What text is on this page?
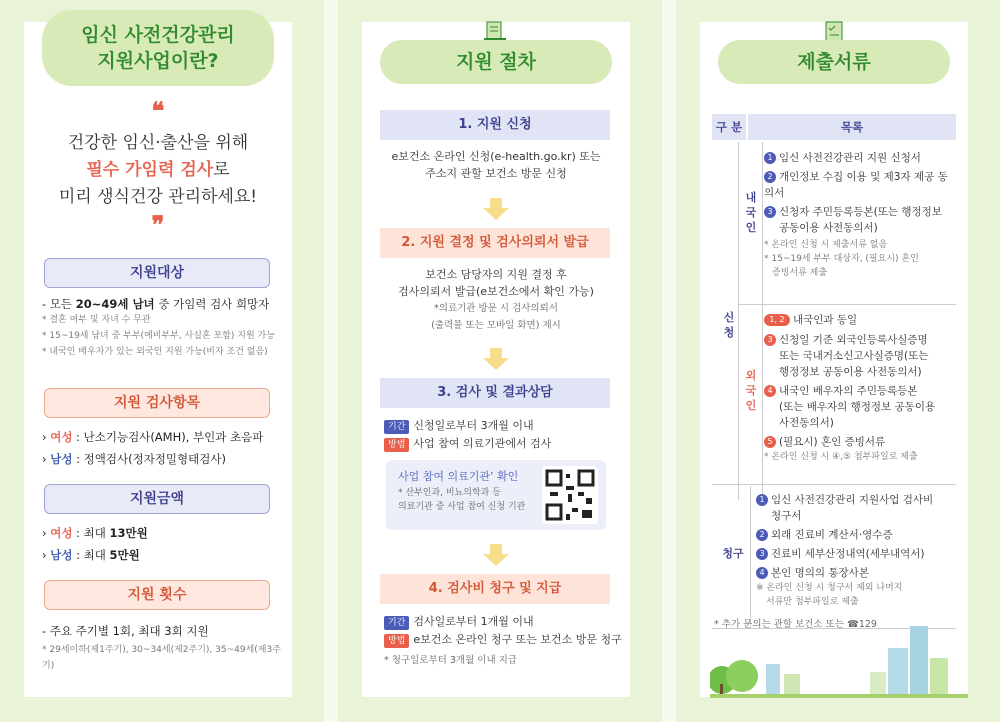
임신 사전건강관리
지원사업이란?
❝
건강한 임신·출산을 위해
필수 가임력 검사로
미리 생식건강 관리하세요!
❞
지원대상
- 모든 20~49세 남녀 중 가임력 검사 희망자
* 결혼 여부 및 자녀 수 무관
* 15~19세 남녀 중 부부(예비부부, 사실혼 포함) 지원 가능
* 내국인 배우자가 있는 외국인 지원 가능(비자 조건 없음)
지원 검사항목
› 여성 : 난소기능검사(AMH), 부인과 초음파
› 남성 : 정액검사(정자정밀형태검사)
지원금액
› 여성 : 최대 13만원
› 남성 : 최대 5만원
지원 횟수
- 주요 주기별 1회, 최대 3회 지원
* 29세이하(제1주기), 30~34세(제2주기), 35~49세(제3주기)
지원 절차
1. 지원 신청
e보건소 온라인 신청(e-health.go.kr) 또는
주소지 관할 보건소 방문 신청
2. 지원 결정 및 검사의뢰서 발급
보건소 담당자의 지원 결정 후
검사의뢰서 발급(e보건소에서 확인 가능)
*의료기관 방문 시 검사의뢰서
(출력물 또는 모바일 화면) 제시
3. 검사 및 결과상담
기간 신청일로부터 3개월 이내
방법 사업 참여 의료기관에서 검사
사업 참여 의료기관’ 확인
* 산부인과, 비뇨의학과 등
의료기관 중 사업 참여 신청 기관
4. 검사비 청구 및 지급
기간 검사일로부터 1개월 이내
방법 e보건소 온라인 청구 또는 보건소 방문 청구
* 청구일로부터 3개월 이내 지급
제출서류
구 분	목록
신청
내국인
외국인
청구
1 임신 사전건강관리 지원 신청서
2 개인정보 수집 이용 및 제3자 제공 동의서
3 신청자 주민등록등본(또는 행정정보
공동이용 사전동의서)
* 온라인 신청 시 제출서류 없음
* 15~19세 부부 대상자, (필요시) 혼인
증빙서류 제출
1, 2 내국인과 동일
3 신청일 기준 외국인등록사실증명
또는 국내거소신고사실증명(또는
행정정보 공동이용 사전동의서)
4 내국인 배우자의 주민등록등본
(또는 배우자의 행정정보 공동이용
사전동의서)
5 (필요시) 혼인 증빙서류
* 온라인 신청 시 ④,⑤ 첨부파일로 제출
1 임신 사전건강관리 지원사업 검사비
청구서
2 외래 진료비 계산서·영수증
3 진료비 세부산정내역(세부내역서)
4 본인 명의의 통장사본
※ 온라인 신청 시 청구서 제외 나머지
서류만 첨부파일로 제출
* 추가 문의는 관할 보건소 또는 ☎129
